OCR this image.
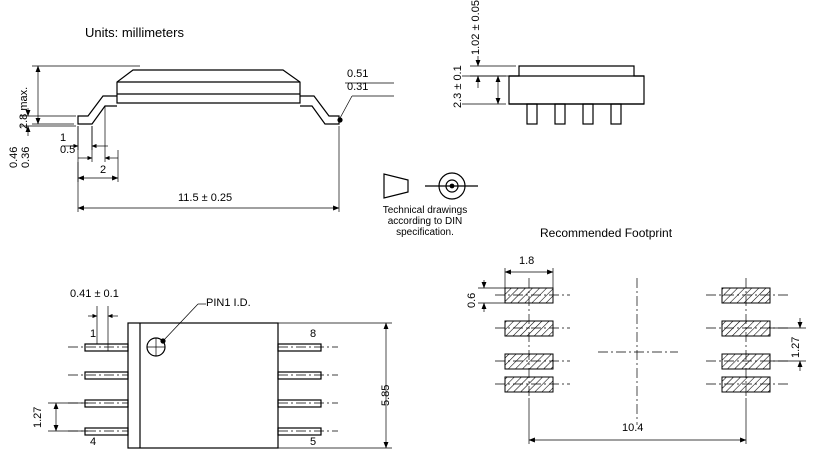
Units: millimeters
2.8 max.
0.46 0.36
1
0.5
2
11.5 ± 0.25
0.51
0.31
1.02 ± 0.05
2.3 ± 0.1
Technical drawings
according to DIN
specification.	Recommended Footprint
0.41 ± 0.1
PIN1 I.D.
1
4
8
5
1.27
5.85
1.8
0.6
1.27
10.4
